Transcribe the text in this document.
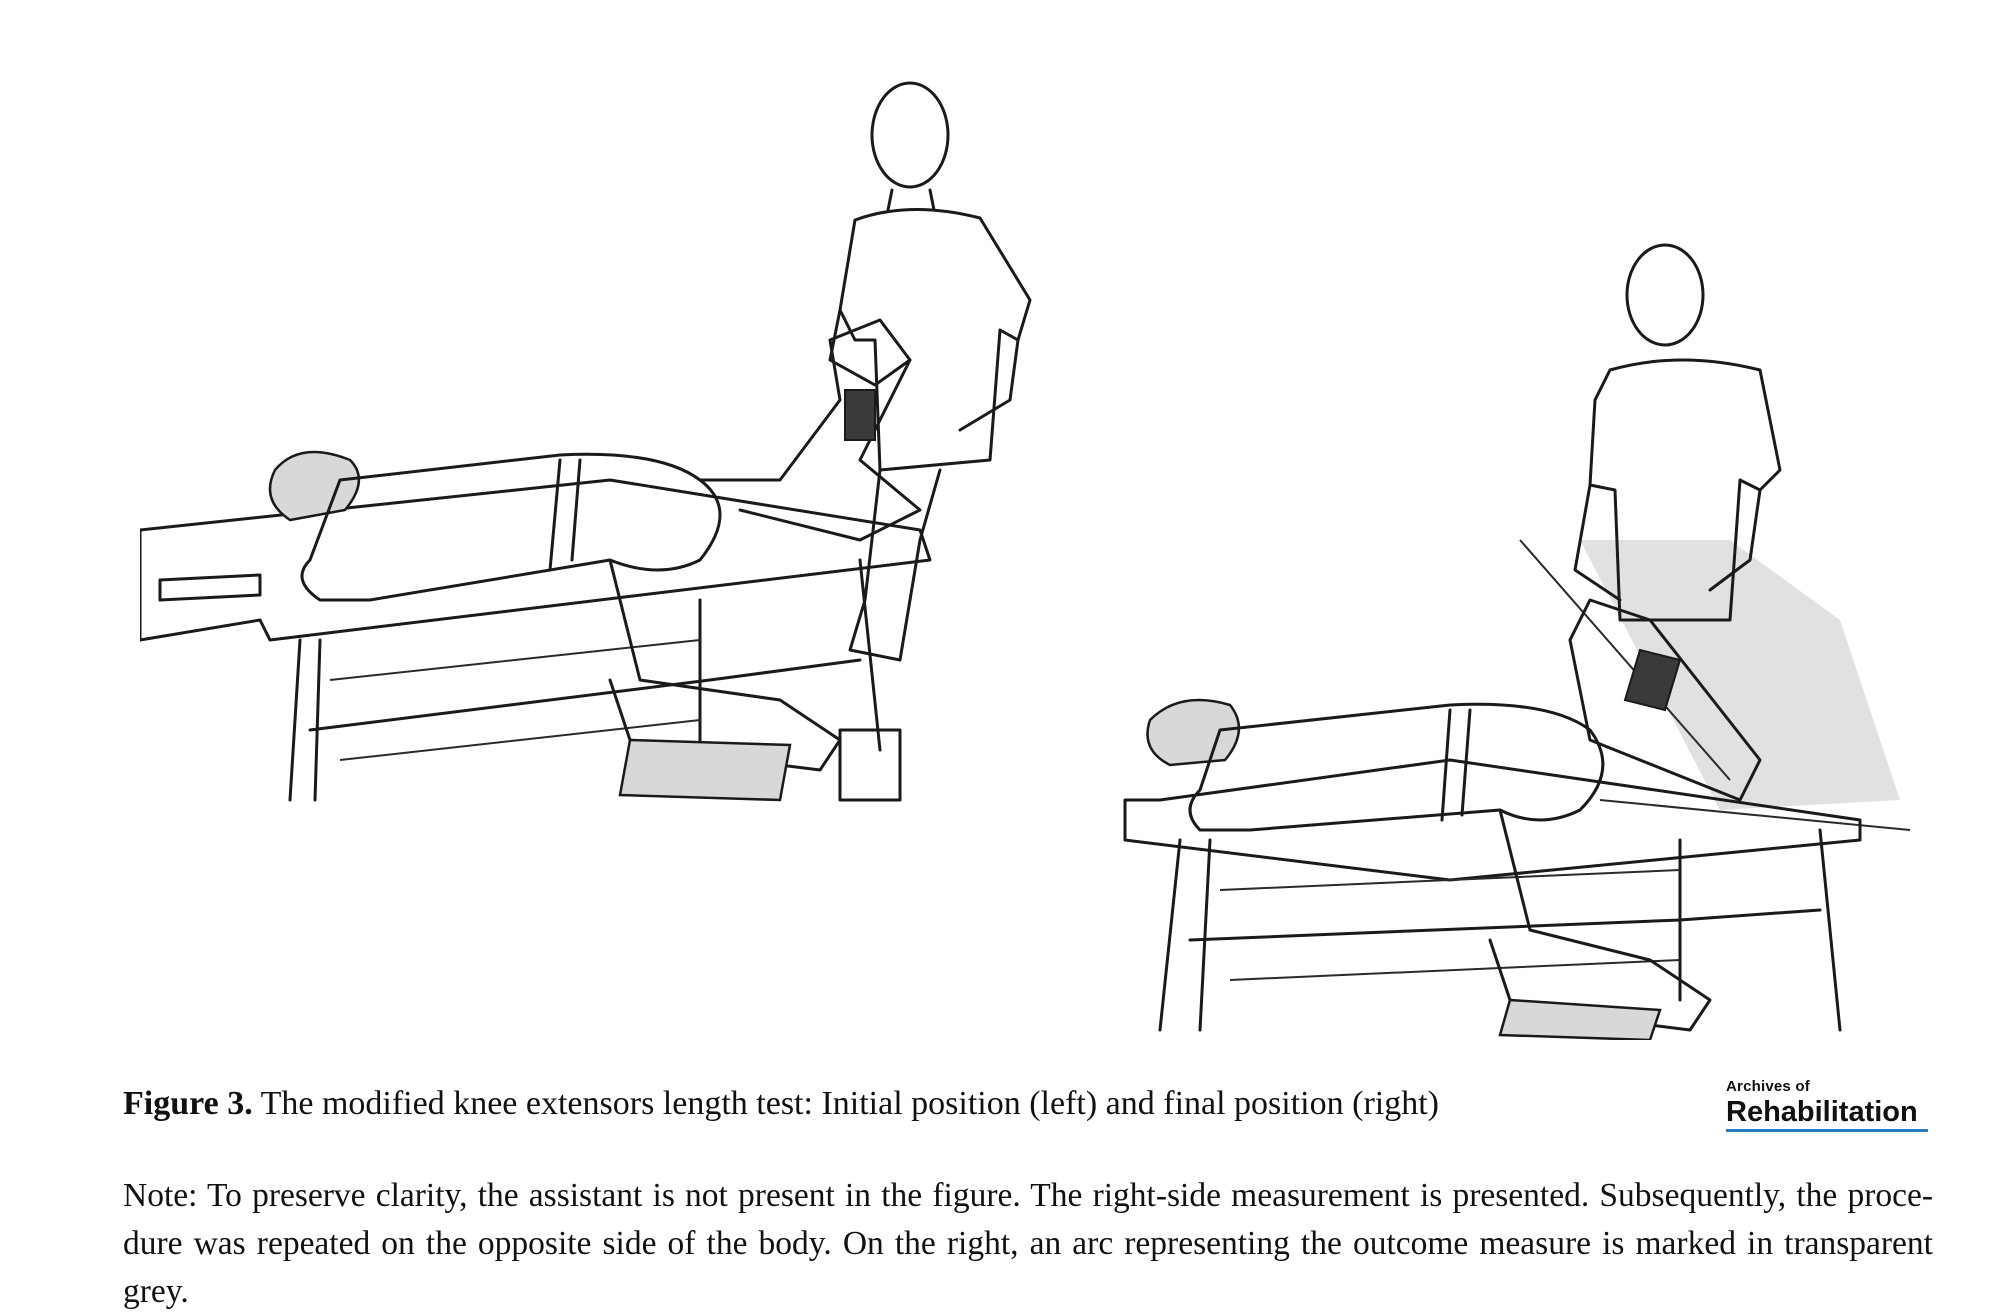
Figure 3. The modified knee extensors length test: Initial position (left) and final position (right)	Archives of
Rehabilitation
Note: To preserve clarity, the assistant is not present in the figure. The right-side measurement is presented. Subsequently, the proce-dure was repeated on the opposite side of the body. On the right, an arc representing the outcome measure is marked in transparent grey.
